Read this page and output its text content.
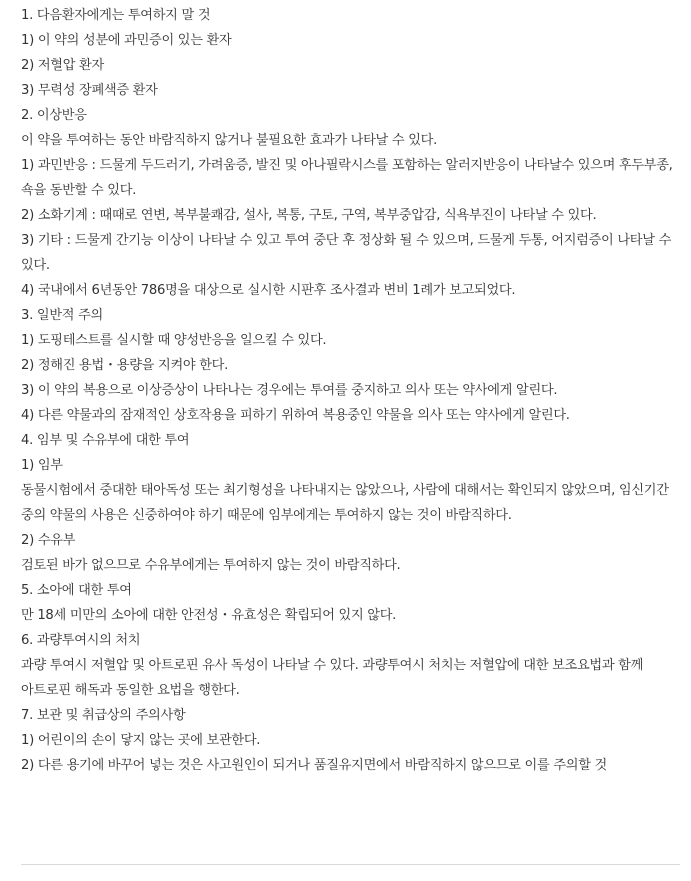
1. 다음환자에게는 투여하지 말 것

1) 이 약의 성분에 과민증이 있는 환자

2) 저혈압 환자

3) 무력성 장폐색증 환자

2. 이상반응

이 약을 투여하는 동안 바람직하지 않거나 불필요한 효과가 나타날 수 있다.

1) 과민반응 : 드물게 두드러기, 가려움증, 발진 및 아나필락시스를 포함하는 알러지반응이 나타날수 있으며 후두부종, 쇽을 동반할 수 있다.

2) 소화기계 : 때때로 연변, 복부불쾌감, 설사, 복통, 구토, 구역, 복부중압감, 식욕부진이 나타날 수 있다.

3) 기타 : 드물게 간기능 이상이 나타날 수 있고 투여 중단 후 정상화 될 수 있으며, 드물게 두통, 어지럼증이 나타날 수 있다.

4) 국내에서 6년동안 786명을 대상으로 실시한 시판후 조사결과 변비 1례가 보고되었다.

3. 일반적 주의

1) 도핑테스트를 실시할 때 양성반응을 일으킬 수 있다.

2) 정해진 용법・용량을 지켜야 한다.

3) 이 약의 복용으로 이상증상이 나타나는 경우에는 투여를 중지하고 의사 또는 약사에게 알린다.

4) 다른 약물과의 잠재적인 상호작용을 피하기 위하여 복용중인 약물을 의사 또는 약사에게 알린다.

4. 임부 및 수유부에 대한 투여

1) 임부

동물시험에서 중대한 태아독성 또는 최기형성을 나타내지는 않았으나, 사람에 대해서는 확인되지 않았으며, 임신기간 중의 약물의 사용은 신중하여야 하기 때문에 임부에게는 투여하지 않는 것이 바람직하다.

2) 수유부

검토된 바가 없으므로 수유부에게는 투여하지 않는 것이 바람직하다.

5. 소아에 대한 투여

만 18세 미만의 소아에 대한 안전성・유효성은 확립되어 있지 않다.

6. 과량투여시의 처치

과량 투여시 저혈압 및 아트로핀 유사 독성이 나타날 수 있다. 과량투여시 처치는 저혈압에 대한 보조요법과 함께 아트로핀 해독과 동일한 요법을 행한다.

7. 보관 및 취급상의 주의사항

1) 어린이의 손이 닿지 않는 곳에 보관한다.

2) 다른 용기에 바꾸어 넣는 것은 사고원인이 되거나 품질유지면에서 바람직하지 않으므로 이를 주의할 것
